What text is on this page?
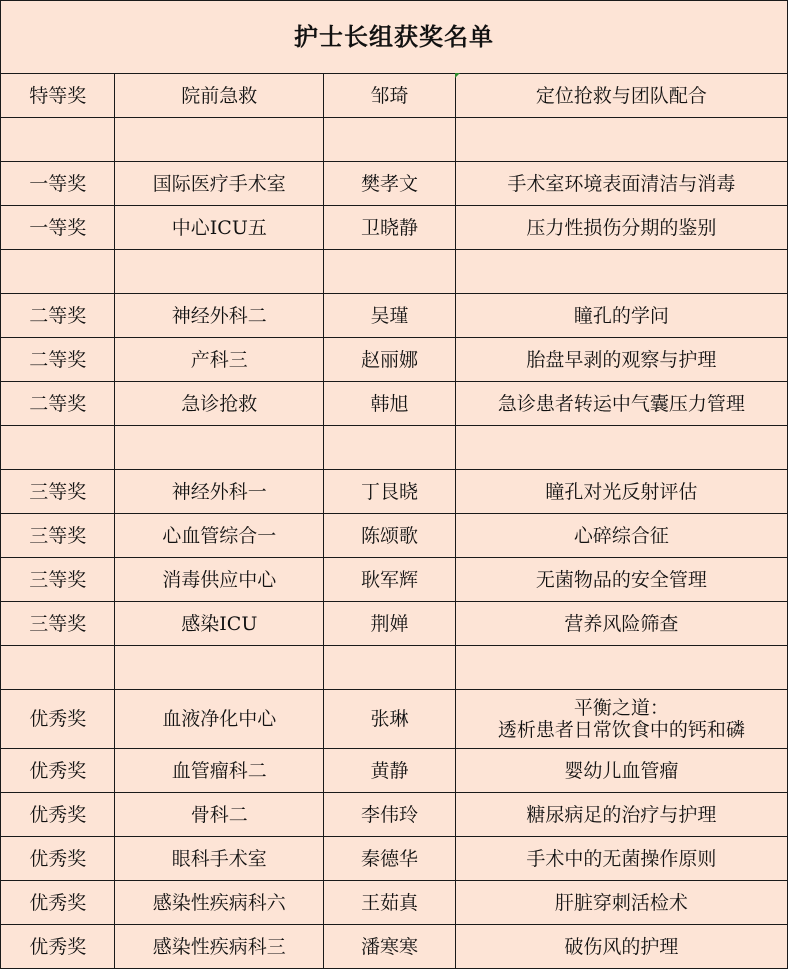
护士长组获奖名单			
特等奖	院前急救	邹琦	定位抢救与团队配合

一等奖	国际医疗手术室	樊孝文	手术室环境表面清洁与消毒
一等奖	中心ICU五	卫晓静	压力性损伤分期的鉴别

二等奖	神经外科二	吴瑾	瞳孔的学问
二等奖	产科三	赵丽娜	胎盘早剥的观察与护理
二等奖	急诊抢救	韩旭	急诊患者转运中气囊压力管理

三等奖	神经外科一	丁艮晓	瞳孔对光反射评估
三等奖	心血管综合一	陈颂歌	心碎综合征
三等奖	消毒供应中心	耿军辉	无菌物品的安全管理
三等奖	感染ICU	荆婵	营养风险筛查

优秀奖	血液净化中心	张琳	平衡之道：
透析患者日常饮食中的钙和磷

优秀奖	血管瘤科二	黄静	婴幼儿血管瘤
优秀奖	骨科二	李伟玲	糖尿病足的治疗与护理
优秀奖	眼科手术室	秦德华	手术中的无菌操作原则
优秀奖	感染性疾病科六	王茹真	肝脏穿刺活检术
优秀奖	感染性疾病科三	潘寒寒	破伤风的护理
